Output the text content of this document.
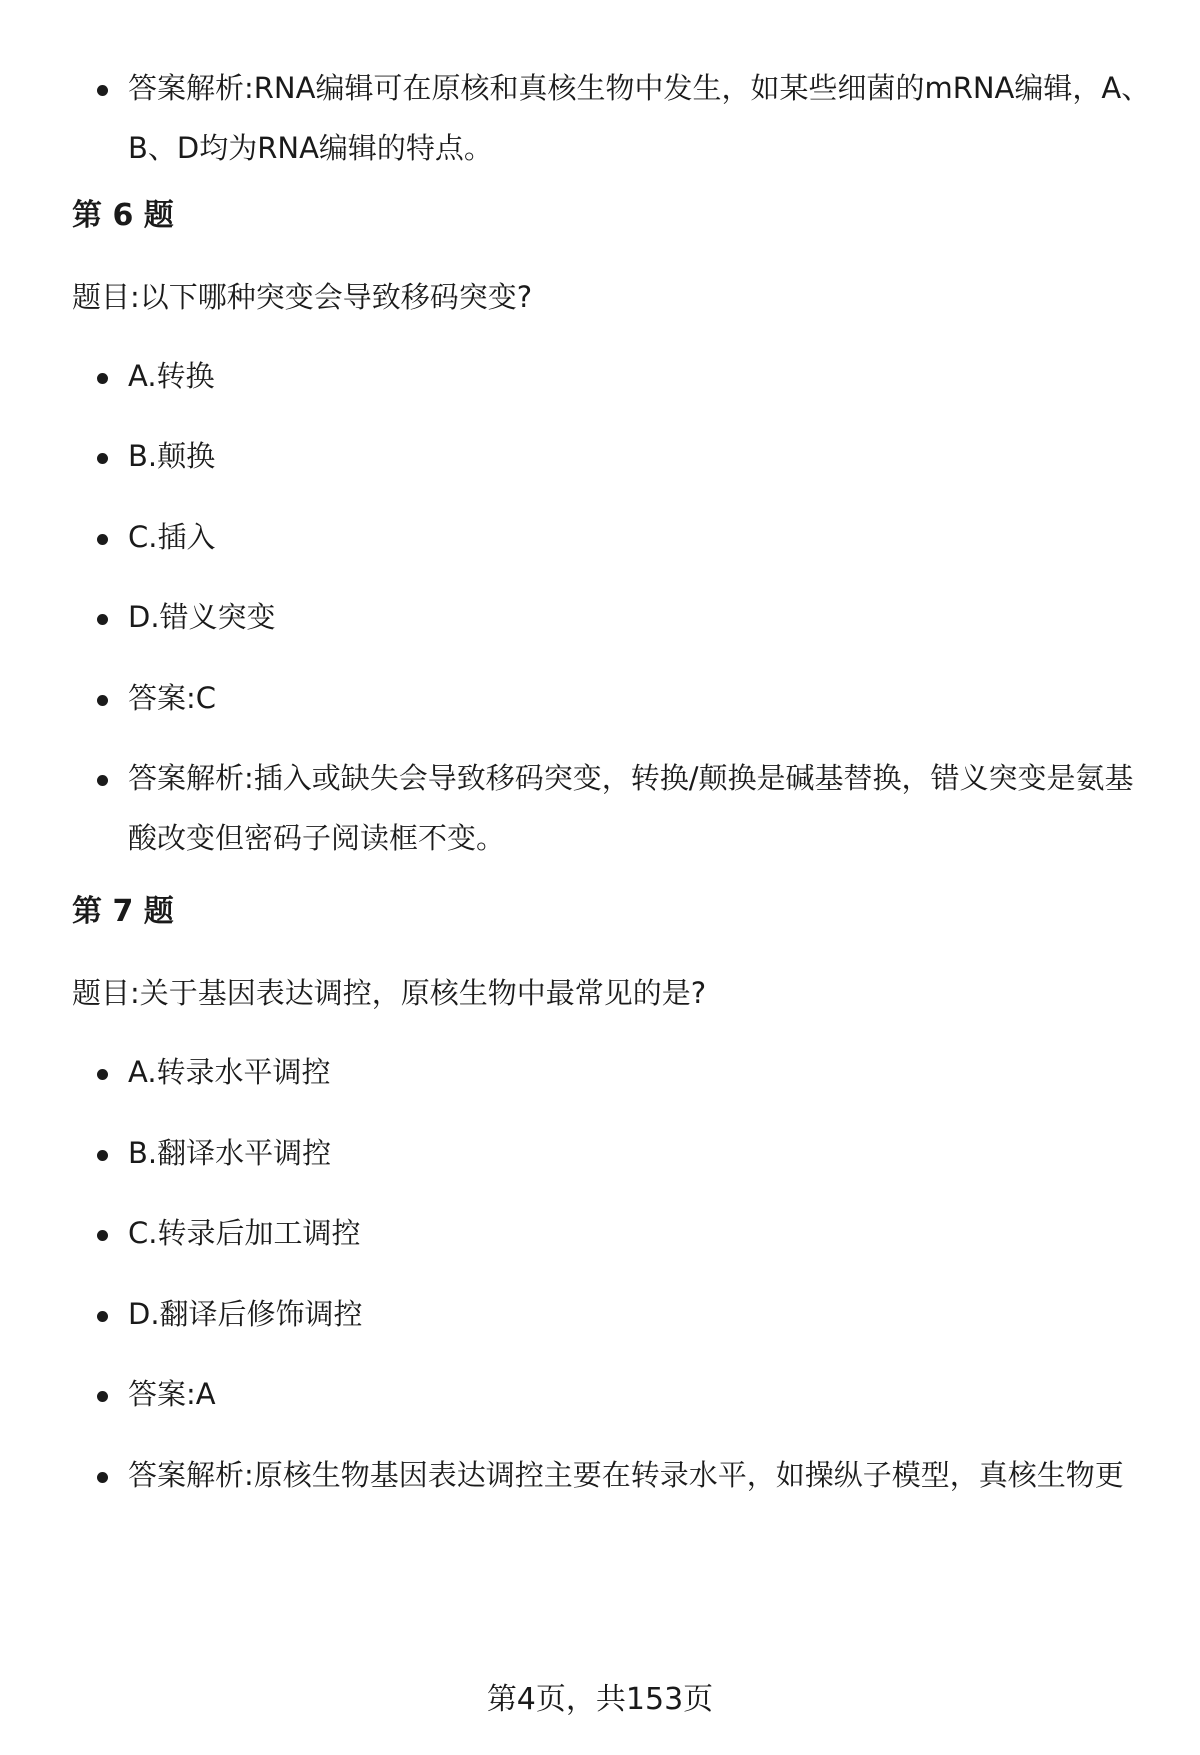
答案解析:RNA编辑可在原核和真核生物中发生，如某些细菌的mRNA编辑，A、B、D均为RNA编辑的特点。
第 6 题
题目:以下哪种突变会导致移码突变?
A.转换
B.颠换
C.插入
D.错义突变
答案:C
答案解析:插入或缺失会导致移码突变，转换/颠换是碱基替换，错义突变是氨基酸改变但密码子阅读框不变。
第 7 题
题目:关于基因表达调控，原核生物中最常见的是?
A.转录水平调控
B.翻译水平调控
C.转录后加工调控
D.翻译后修饰调控
答案:A
答案解析:原核生物基因表达调控主要在转录水平，如操纵子模型，真核生物更
第4页，共153页
